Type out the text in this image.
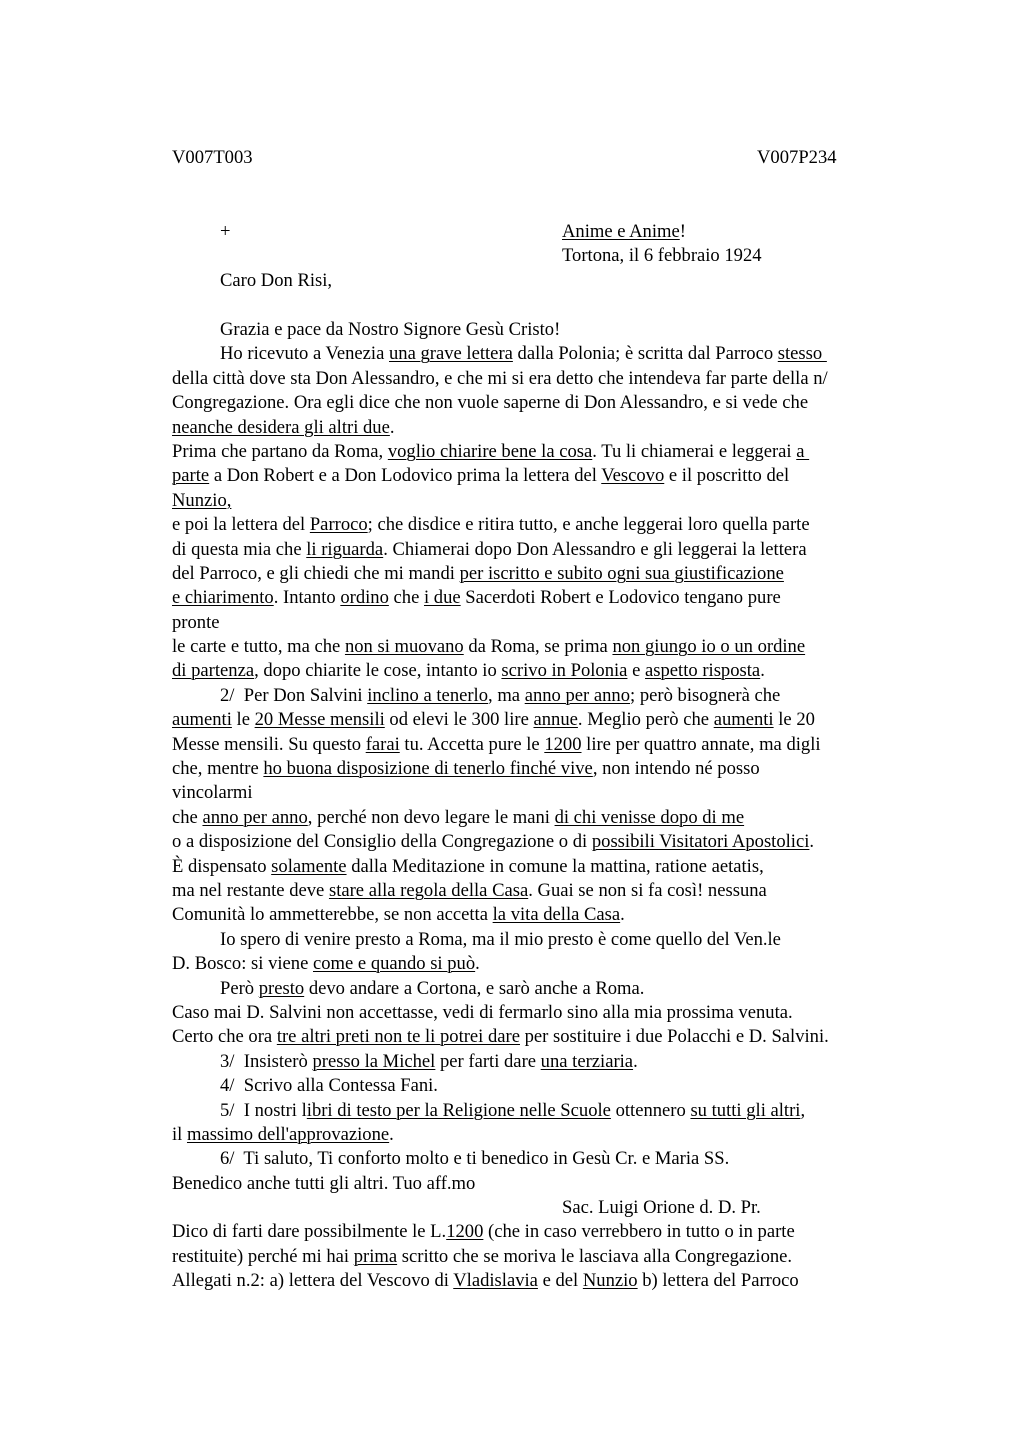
V007T003	V007P234
+	Anime e Anime!
Tortona, il 6 febbraio 1924
Caro Don Risi,
Grazia e pace da Nostro Signore Gesù Cristo!
Ho ricevuto a Venezia una grave lettera dalla Polonia; è scritta dal Parroco stesso
della città dove sta Don Alessandro, e che mi si era detto che intendeva far parte della n/
Congregazione. Ora egli dice che non vuole saperne di Don Alessandro, e si vede che
neanche desidera gli altri due.
Prima che partano da Roma, voglio chiarire bene la cosa. Tu li chiamerai e leggerai a
parte a Don Robert e a Don Lodovico prima la lettera del Vescovo e il poscritto del
Nunzio,
e poi la lettera del Parroco; che disdice e ritira tutto, e anche leggerai loro quella parte
di questa mia che li riguarda. Chiamerai dopo Don Alessandro e gli leggerai la lettera
del Parroco, e gli chiedi che mi mandi per iscritto e subito ogni sua giustificazione
e chiarimento. Intanto ordino che i due Sacerdoti Robert e Lodovico tengano pure
pronte
le carte e tutto, ma che non si muovano da Roma, se prima non giungo io o un ordine
di partenza, dopo chiarite le cose, intanto io scrivo in Polonia e aspetto risposta.
2/  Per Don Salvini inclino a tenerlo, ma anno per anno; però bisognerà che
aumenti le 20 Messe mensili od elevi le 300 lire annue. Meglio però che aumenti le 20
Messe mensili. Su questo farai tu. Accetta pure le 1200 lire per quattro annate, ma digli
che, mentre ho buona disposizione di tenerlo finché vive, non intendo né posso
vincolarmi
che anno per anno, perché non devo legare le mani di chi venisse dopo di me
o a disposizione del Consiglio della Congregazione o di possibili Visitatori Apostolici.
È dispensato solamente dalla Meditazione in comune la mattina, ratione aetatis,
ma nel restante deve stare alla regola della Casa. Guai se non si fa così! nessuna
Comunità lo ammetterebbe, se non accetta la vita della Casa.
Io spero di venire presto a Roma, ma il mio presto è come quello del Ven.le
D. Bosco: si viene come e quando si può.
Però presto devo andare a Cortona, e sarò anche a Roma.
Caso mai D. Salvini non accettasse, vedi di fermarlo sino alla mia prossima venuta.
Certo che ora tre altri preti non te li potrei dare per sostituire i due Polacchi e D. Salvini.
3/  Insisterò presso la Michel per farti dare una terziaria.
4/  Scrivo alla Contessa Fani.
5/  I nostri libri di testo per la Religione nelle Scuole ottennero su tutti gli altri,
il massimo dell'approvazione.
6/  Ti saluto, Ti conforto molto e ti benedico in Gesù Cr. e Maria SS.
Benedico anche tutti gli altri. Tuo aff.mo
Sac. Luigi Orione d. D. Pr.
Dico di farti dare possibilmente le L.1200 (che in caso verrebbero in tutto o in parte
restituite) perché mi hai prima scritto che se moriva le lasciava alla Congregazione.
Allegati n.2: a) lettera del Vescovo di Vladislavia e del Nunzio b) lettera del Parroco
